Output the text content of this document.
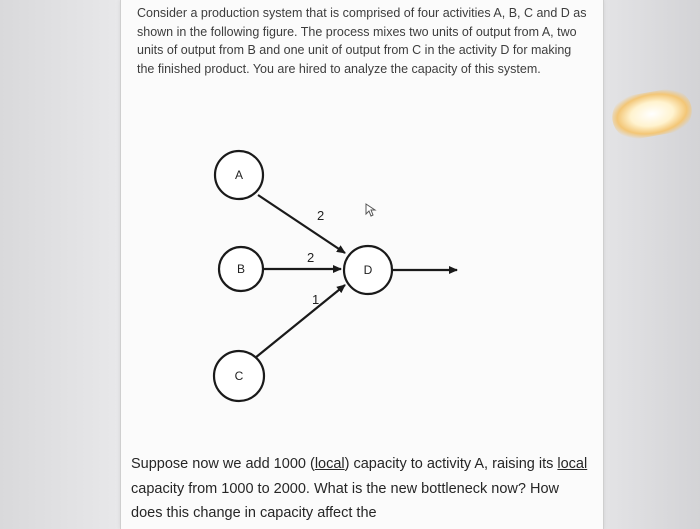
Consider a production system that is comprised of four activities A, B, C and D as shown in the following figure. The process mixes two units of output from A, two units of output from B and one unit of output from C in the activity D for making the finished product. You are hired to analyze the capacity of this system.

A
B
C
D
2
2
1

Suppose now we add 1000 (local) capacity to activity A, raising its local capacity from 1000 to 2000. What is the new bottleneck now? How does this change in capacity affect the
